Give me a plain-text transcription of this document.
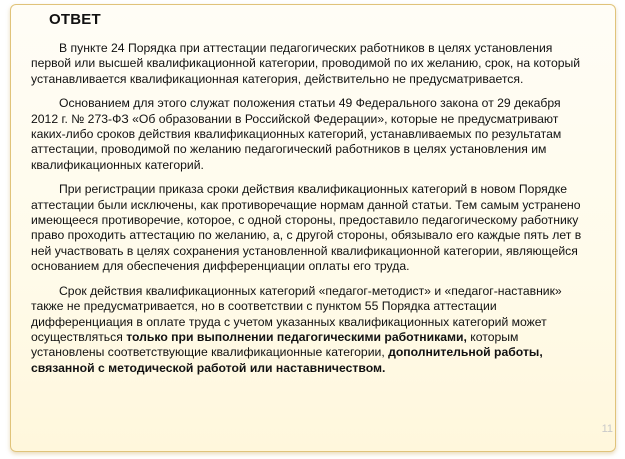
ОТВЕТ

В пункте 24 Порядка при аттестации педагогических работников в целях установления первой или высшей квалификационной категории, проводимой по их желанию, срок, на который устанавливается квалификационная категория, действительно не предусматривается.

Основанием для этого служат положения статьи 49 Федерального закона от 29 декабря 2012 г. № 273-ФЗ «Об образовании в Российской Федерации», которые не предусматривают каких-либо сроков действия квалификационных категорий, устанавливаемых по результатам аттестации, проводимой по желанию педагогический работников в целях установления им квалификационных категорий.

При регистрации приказа сроки действия квалификационных категорий в новом Порядке аттестации были исключены, как противоречащие нормам данной статьи. Тем самым устранено имеющееся противоречие, которое, с одной стороны, предоставило педагогическому работнику право проходить аттестацию по желанию, а, с другой стороны, обязывало его каждые пять лет в ней участвовать в целях сохранения установленной квалификационной категории, являющейся основанием для обеспечения дифференциации оплаты его труда.

Срок действия квалификационных категорий «педагог-методист» и «педагог-наставник» также не предусматривается, но в соответствии с пунктом 55 Порядка аттестации дифференциация в оплате труда с учетом указанных квалификационных категорий может осуществляться только при выполнении педагогическими работниками, которым установлены соответствующие квалификационные категории, дополнительной работы, связанной с методической работой или наставничеством.

11
